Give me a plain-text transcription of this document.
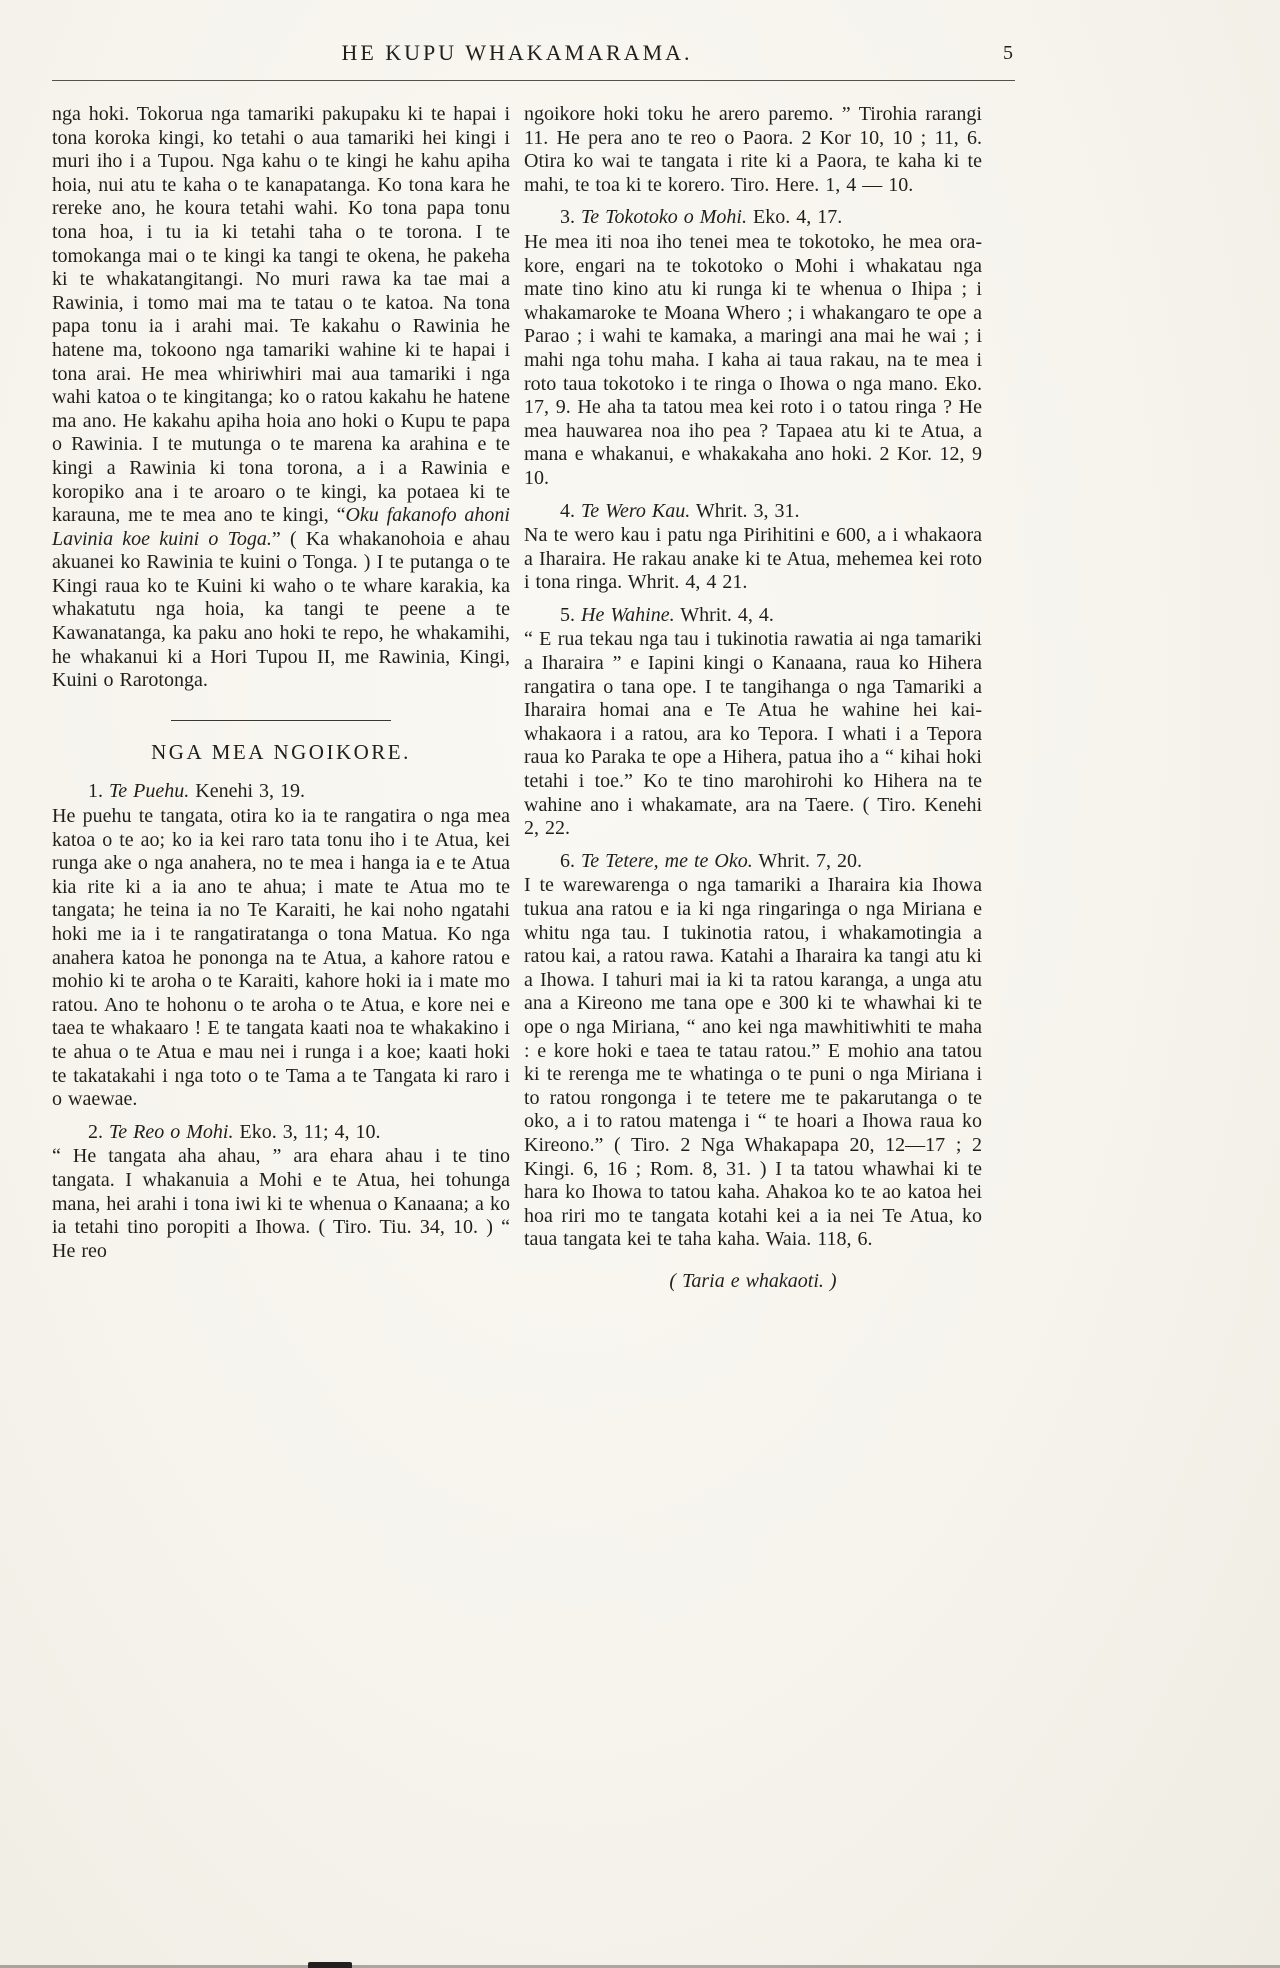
HE KUPU WHAKAMARAMA.	5

nga hoki. Tokorua nga tamariki pakupaku ki te hapai i tona koroka kingi, ko tetahi o aua tamariki hei kingi i muri iho i a Tupou. Nga kahu o te kingi he kahu apiha hoia, nui atu te kaha o te kanapatanga. Ko tona kara he rereke ano, he koura tetahi wahi. Ko tona papa tonu tona hoa, i tu ia ki tetahi taha o te torona. I te tomokanga mai o te kingi ka tangi te okena, he pakeha ki te whakatangitangi. No muri rawa ka tae mai a Rawinia, i tomo mai ma te tatau o te katoa. Na tona papa tonu ia i arahi mai. Te kakahu o Rawinia he hatene ma, tokoono nga tamariki wahine ki te hapai i tona arai. He mea whiriwhiri mai aua tamariki i nga wahi katoa o te kingitanga; ko o ratou kakahu he hatene ma ano. He kakahu apiha hoia ano hoki o Kupu te papa o Rawinia. I te mutunga o te marena ka arahina e te kingi a Rawinia ki tona torona, a i a Rawinia e koropiko ana i te aroaro o te kingi, ka potaea ki te karauna, me te mea ano te kingi, “Oku fakanofo ahoni Lavinia koe kuini o Toga.” ( Ka whakanohoia e ahau akuanei ko Rawinia te kuini o Tonga. ) I te putanga o te Kingi raua ko te Kuini ki waho o te whare karakia, ka whakatutu nga hoia, ka tangi te peene a te Kawanatanga, ka paku ano hoki te repo, he whakamihi, he whakanui ki a Hori Tupou II, me Rawinia, Kingi, Kuini o Rarotonga.

NGA MEA NGOIKORE.

1. Te Puehu. Kenehi 3, 19.

He puehu te tangata, otira ko ia te rangatira o nga mea katoa o te ao; ko ia kei raro tata tonu iho i te Atua, kei runga ake o nga anahera, no te mea i hanga ia e te Atua kia rite ki a ia ano te ahua; i mate te Atua mo te tangata; he teina ia no Te Karaiti, he kai noho ngatahi hoki me ia i te rangatiratanga o tona Matua. Ko nga anahera katoa he pononga na te Atua, a kahore ratou e mohio ki te aroha o te Karaiti, kahore hoki ia i mate mo ratou. Ano te hohonu o te aroha o te Atua, e kore nei e taea te whakaaro ! E te tangata kaati noa te whakakino i te ahua o te Atua e mau nei i runga i a koe; kaati hoki te takatakahi i nga toto o te Tama a te Tangata ki raro i o waewae.

2. Te Reo o Mohi. Eko. 3, 11; 4, 10.

“ He tangata aha ahau, ” ara ehara ahau i te tino tangata. I whakanuia a Mohi e te Atua, hei tohunga mana, hei arahi i tona iwi ki te whenua o Kanaana; a ko ia tetahi tino poropiti a Ihowa. ( Tiro. Tiu. 34, 10. ) “ He reo

ngoikore hoki toku he arero paremo. ” Tirohia rarangi 11. He pera ano te reo o Paora. 2 Kor 10, 10 ; 11, 6. Otira ko wai te tangata i rite ki a Paora, te kaha ki te mahi, te toa ki te korero. Tiro. Here. 1, 4 — 10.

3. Te Tokotoko o Mohi. Eko. 4, 17.

He mea iti noa iho tenei mea te tokotoko, he mea ora-kore, engari na te tokotoko o Mohi i whakatau nga mate tino kino atu ki runga ki te whenua o Ihipa ; i whakamaroke te Moana Whero ; i whakangaro te ope a Parao ; i wahi te kamaka, a maringi ana mai he wai ; i mahi nga tohu maha. I kaha ai taua rakau, na te mea i roto taua tokotoko i te ringa o Ihowa o nga mano. Eko. 17, 9. He aha ta tatou mea kei roto i o tatou ringa ? He mea hauwarea noa iho pea ? Tapaea atu ki te Atua, a mana e whakanui, e whakakaha ano hoki. 2 Kor. 12, 9 10.

4. Te Wero Kau. Whrit. 3, 31.

Na te wero kau i patu nga Pirihitini e 600, a i whakaora a Iharaira. He rakau anake ki te Atua, mehemea kei roto i tona ringa. Whrit. 4, 4 21.

5. He Wahine. Whrit. 4, 4.

“ E rua tekau nga tau i tukinotia rawatia ai nga tamariki a Iharaira ” e Iapini kingi o Kanaana, raua ko Hihera rangatira o tana ope. I te tangihanga o nga Tamariki a Iharaira homai ana e Te Atua he wahine hei kai-whakaora i a ratou, ara ko Tepora. I whati i a Tepora raua ko Paraka te ope a Hihera, patua iho a “ kihai hoki tetahi i toe.” Ko te tino marohirohi ko Hihera na te wahine ano i whakamate, ara na Taere. ( Tiro. Kenehi 2, 22.

6. Te Tetere, me te Oko. Whrit. 7, 20.

I te warewarenga o nga tamariki a Iharaira kia Ihowa tukua ana ratou e ia ki nga ringaringa o nga Miriana e whitu nga tau. I tukinotia ratou, i whakamotingia a ratou kai, a ratou rawa. Katahi a Iharaira ka tangi atu ki a Ihowa. I tahuri mai ia ki ta ratou karanga, a unga atu ana a Kireono me tana ope e 300 ki te whawhai ki te ope o nga Miriana, “ ano kei nga mawhitiwhiti te maha : e kore hoki e taea te tatau ratou.” E mohio ana tatou ki te rerenga me te whatinga o te puni o nga Miriana i to ratou rongonga i te tetere me te pakarutanga o te oko, a i to ratou matenga i “ te hoari a Ihowa raua ko Kireono.” ( Tiro. 2 Nga Whakapapa 20, 12—17 ; 2 Kingi. 6, 16 ; Rom. 8, 31. ) I ta tatou whawhai ki te hara ko Ihowa to tatou kaha. Ahakoa ko te ao katoa hei hoa riri mo te tangata kotahi kei a ia nei Te Atua, ko taua tangata kei te taha kaha. Waia. 118, 6.

( Taria e whakaoti. )
